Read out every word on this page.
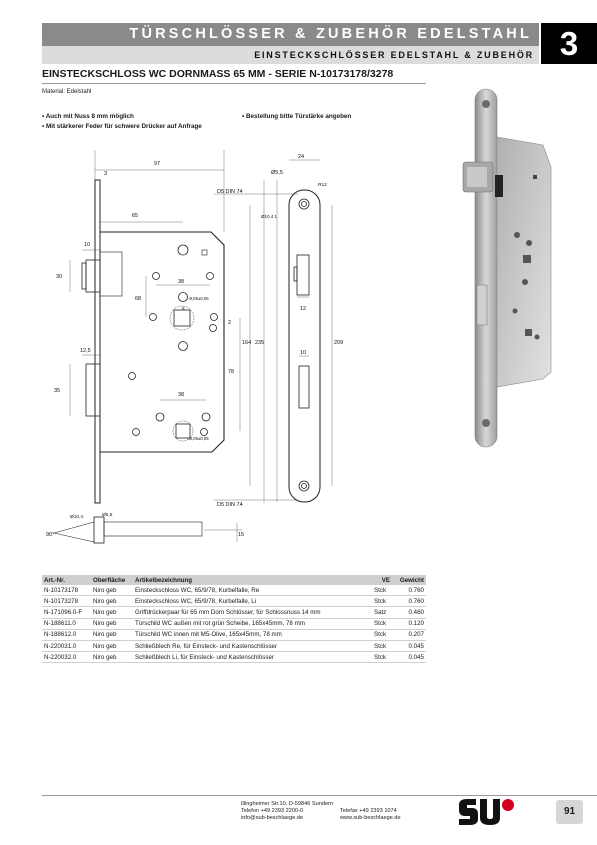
TÜRSCHLÖSSER & ZUBEHÖR EDELSTAHL
EINSTECKSCHLÖSSER EDELSTAHL & ZUBEHÖR 3
EINSTECKSCHLOSS WC DORNMASS 65 MM - SERIE N-10173178/3278
Material: Edelstahl
• Auch mit Nuss 8 mm möglich
• Mit stärkerer Feder für schwere Drücker auf Anfrage
• Bestellung bitte Türstärke angeben
97
3
65
10
30
12,5
35
68
38
38
□9,05±0,05
□8,05±0,05
2
78
164 235	209
24
Ø5,5
R12
D5 DIN 74
D5 DIN 74
Ø10,4 1
12
10
90°
Ø10,4	Ø5,5
15
8
Art.-Nr.	Oberfläche	Artikelbezeichnung	VE	Gewicht
N-10173178	Niro geb	Einsteckschloss WC, 65/9/78, Kurbelfalle, Re	Stck	0.760
N-10173278	Niro geb	Einsteckschloss WC, 65/9/78, Kurbelfalle, Li	Stck	0.760
N-171096.0-F	Niro geb	Griffdrückerpaar für 65 mm Dorn Schlösser, für Schlossnuss 14 mm	Satz	0.480
N-188611.0	Niro geb	Türschild WC außen mit rot grün Scheibe, 165x45mm, 78 mm	Stck	0.120
N-188612.0	Niro geb	Türschild WC innen mit M5-Olive, 165x45mm, 78 mm	Stck	0.207
N-220031.0	Niro geb	Schließblech Re, für Einsteck- und Kastenschlösser	Stck	0.045
N-220032.0	Niro geb	Schließblech Li, für Einsteck- und Kastenschlösser	Stck	0.045
Illingheimer Str.10, D-59846 Sundern
Telefon +49 2393 2200-0	Telefax +49 2393 1074
info@sub-beschlaege.de	www.sub-beschlaege.de
91
